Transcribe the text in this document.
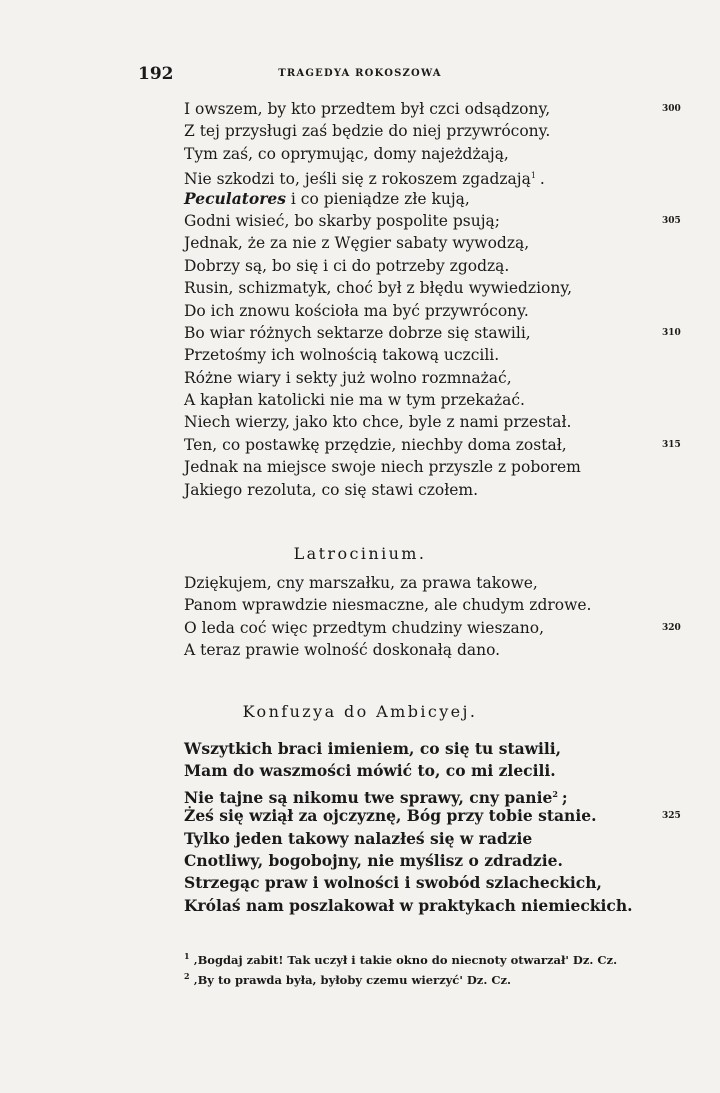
192	TRAGEDYA ROKOSZOWA
I owszem, by kto przedtem był czci odsądzony,	300
Z tej przysługi zaś będzie do niej przywrócony.
Tym zaś, co oprymując, domy najeżdżają,
Nie szkodzi to, jeśli się z rokoszem zgadzają$^1$ .
Peculatores i co pieniądze złe kują,
Godni wisieć, bo skarby pospolite psują;	305
Jednak, że za nie z Węgier sabaty wywodzą,
Dobrzy są, bo się i ci do potrzeby zgodzą.
Rusin, schizmatyk, choć był z błędu wywiedziony,
Do ich znowu kościoła ma być przywrócony.
Bo wiar różnych sektarze dobrze się stawili,	310
Przetośmy ich wolnością takową uczcili.
Różne wiary i sekty już wolno rozmnażać,
A kapłan katolicki nie ma w tym przekażać.
Niech wierzy, jako kto chce, byle z nami przestał.
Ten, co postawkę przędzie, niechby doma został,	315
Jednak na miejsce swoje niech przyszle z poborem
Jakiego rezoluta, co się stawi czołem.
Latrocinium.
Dziękujem, cny marszałku, za prawa takowe,
Panom wprawdzie niesmaczne, ale chudym zdrowe.
O leda coć więc przedtym chudziny wieszano,	320
A teraz prawie wolność doskonałą dano.
Konfuzya do Ambicyej.
Wszytkich braci imieniem, co się tu stawili,
Mam do waszmości mówić to, co mi zlecili.
Nie tajne są nikomu twe sprawy, cny panie$^2$ ;
Żeś się wziął za ojczyznę, Bóg przy tobie stanie.	325
Tylko jeden takowy nalazłeś się w radzie
Cnotliwy, bogobojny, nie myślisz o zdradzie.
Strzegąc praw i wolności i swobód szlacheckich,
Królaś nam poszlakował w praktykach niemieckich.
$^1$ ‚Bogdaj zabit! Tak uczył i takie okno do niecnoty otwarzał' Dz. Cz.
$^2$ ‚By to prawda była, byłoby czemu wierzyć' Dz. Cz.
